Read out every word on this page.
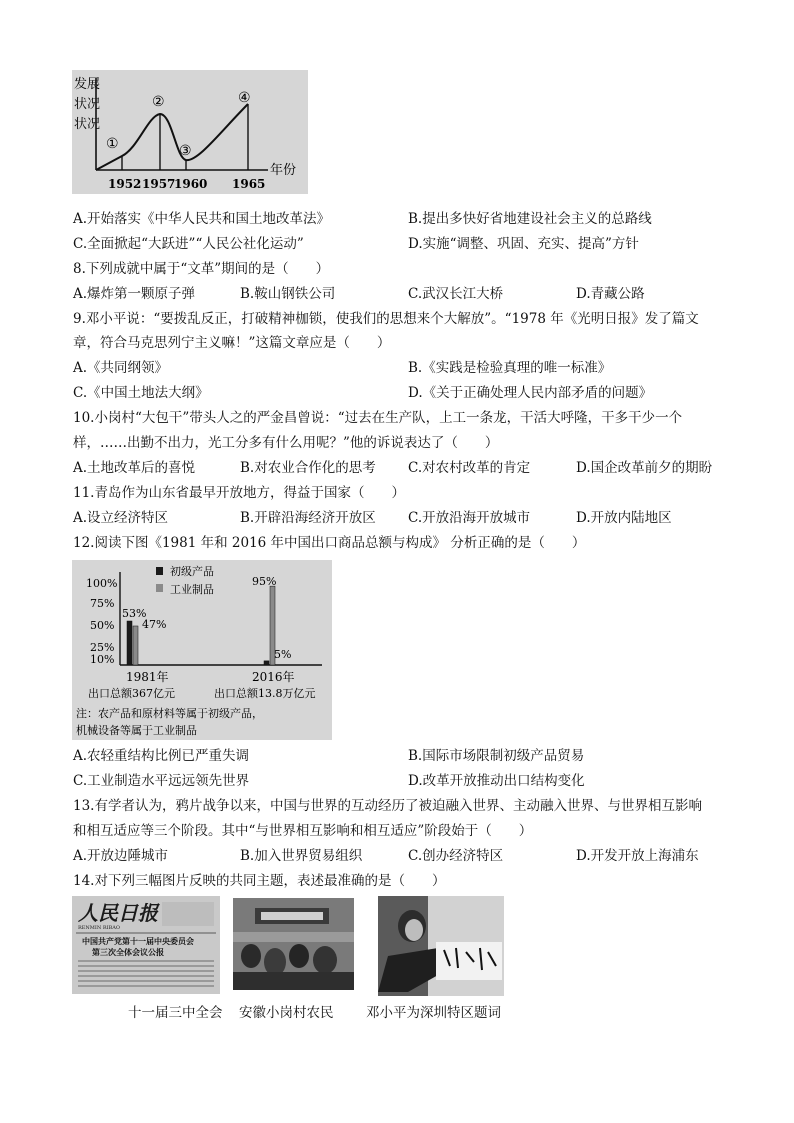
发展
状况
状况
年份
①
②
③
④
1952 1957
1960 1965
A.开始落实《中华人民共和国土地改革法》	B.提出多快好省地建设社会主义的总路线
C.全面掀起“大跃进”“人民公社化运动”	D.实施“调整、巩固、充实、提高”方针
8.下列成就中属于“文革”期间的是（　　）
A.爆炸第一颗原子弹	B.鞍山钢铁公司	C.武汉长江大桥	D.青藏公路
9.邓小平说：“要拨乱反正，打破精神枷锁，使我们的思想来个大解放”。“1978 年《光明日报》发了篇文
章，符合马克思列宁主义嘛！”这篇文章应是（　　）
A.《共同纲领》	B.《实践是检验真理的唯一标准》
C.《中国土地法大纲》	D.《关于正确处理人民内部矛盾的问题》
10.小岗村“大包干”带头人之的严金昌曾说：“过去在生产队，上工一条龙，干活大呼隆，干多干少一个
样，……出勤不出力，光工分多有什么用呢？”他的诉说表达了（　　）
A.土地改革后的喜悦	B.对农业合作化的思考 C.对农村改革的肯定	D.国企改革前夕的期盼
11.青岛作为山东省最早开放地方，得益于国家（　　）
A.设立经济特区	B.开辟沿海经济开放区 C.开放沿海开放城市	D.开放内陆地区
12.阅读下图《1981 年和 2016 年中国出口商品总额与构成》 分析正确的是（　　）
100%
75%
50%
25%
10%
初级产品
工业制品
53%
47%
95%
5%
1981年	2016年
出口总额367亿元	出口总额13.8万亿元
注：农产品和原材料等属于初级产品，
机械设备等属于工业制品
A.农轻重结构比例已严重失调	B.国际市场限制初级产品贸易
C.工业制造水平远远领先世界	D.改革开放推动出口结构变化
13.有学者认为，鸦片战争以来，中国与世界的互动经历了被迫融入世界、主动融入世界、与世界相互影响
和相互适应等三个阶段。其中“与世界相互影响和相互适应”阶段始于（　　）
A.开放边陲城市	B.加入世界贸易组织	C.创办经济特区	D.开发开放上海浦东
14.对下列三幅图片反映的共同主题，表述最准确的是（　　）
人民日报
RENMIN RIBAO
中国共产党第十一届中央委员会
第三次全体会议公报
十一届三中全会 安徽小岗村农民 邓小平为深圳特区题词
